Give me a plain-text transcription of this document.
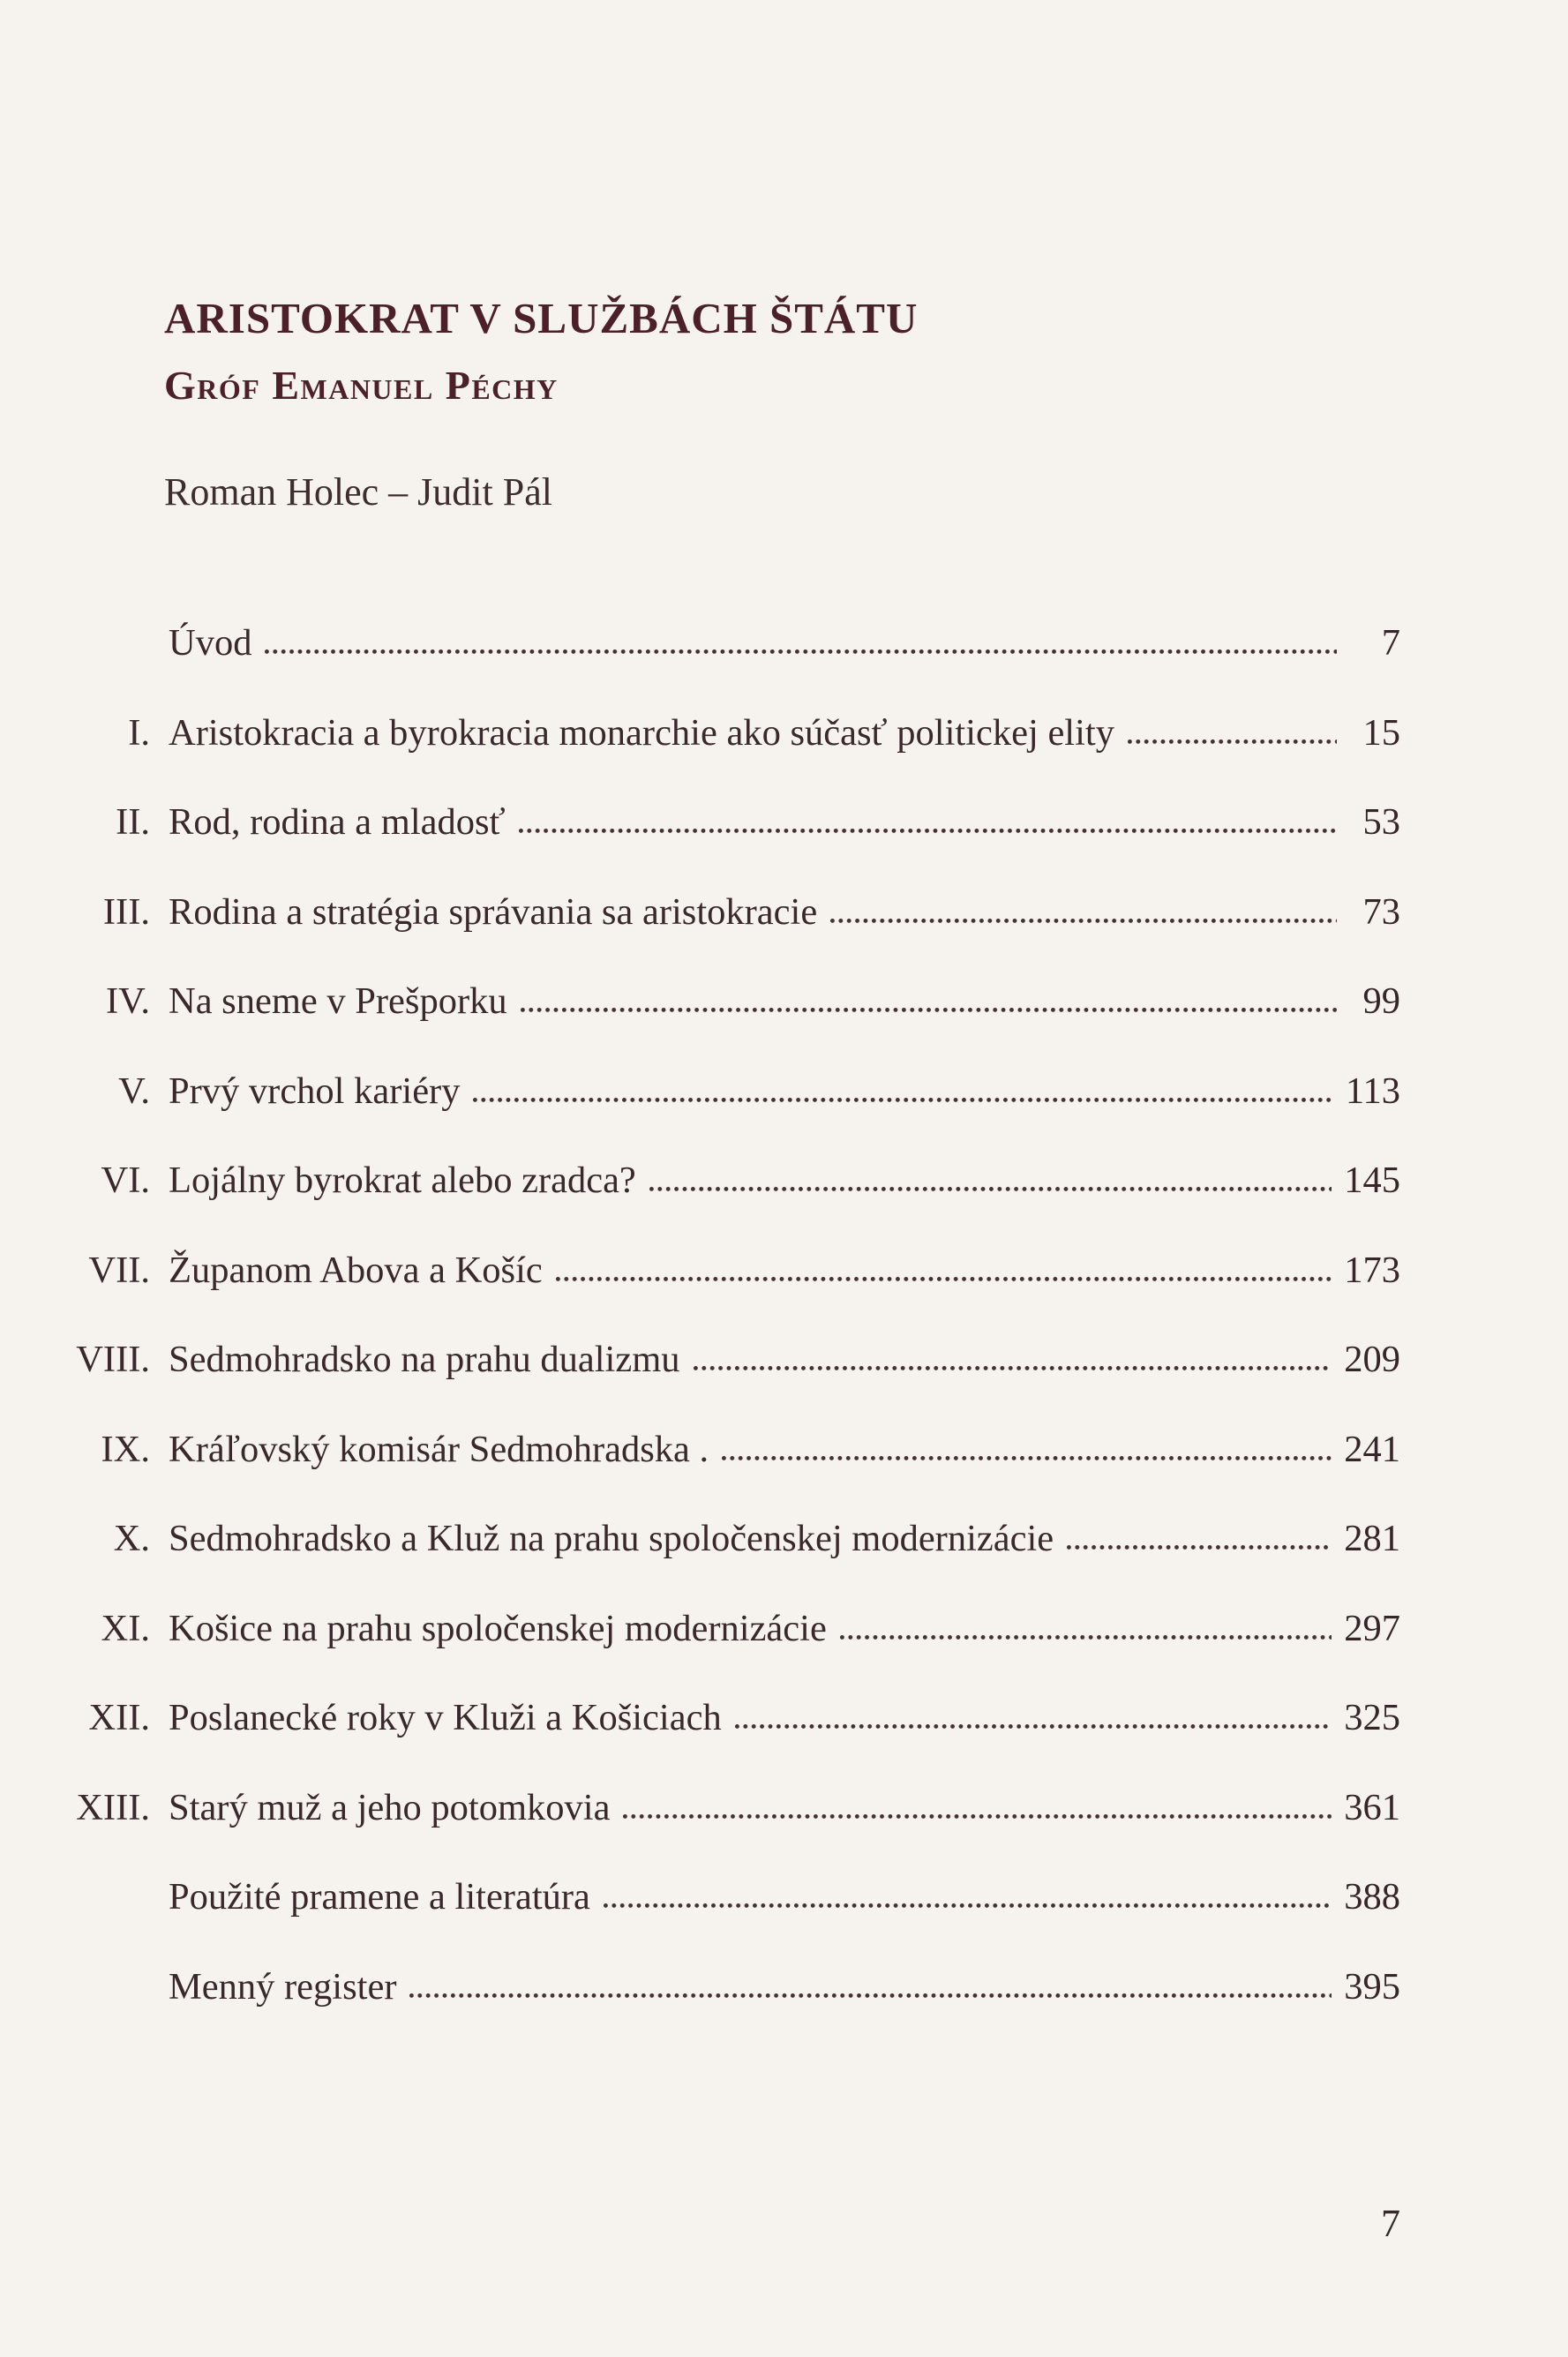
ARISTOKRAT V SLUŽBÁCH ŠTÁTU
Gróf Emanuel Péchy
Roman Holec – Judit Pál
Úvod	7
I. Aristokracia a byrokracia monarchie ako súčasť politickej elity	15
II. Rod, rodina a mladosť	53
III. Rodina a stratégia správania sa aristokracie	73
IV. Na sneme v Prešporku	99
V. Prvý vrchol kariéry	113
VI. Lojálny byrokrat alebo zradca?	145
VII. Županom Abova a Košíc	173
VIII. Sedmohradsko na prahu dualizmu	209
IX. Kráľovský komisár Sedmohradska .	241
X. Sedmohradsko a Kluž na prahu spoločenskej modernizácie	281
XI. Košice na prahu spoločenskej modernizácie	297
XII. Poslanecké roky v Kluži a Košiciach	325
XIII. Starý muž a jeho potomkovia	361
Použité pramene a literatúra	388
Menný register	395
7
